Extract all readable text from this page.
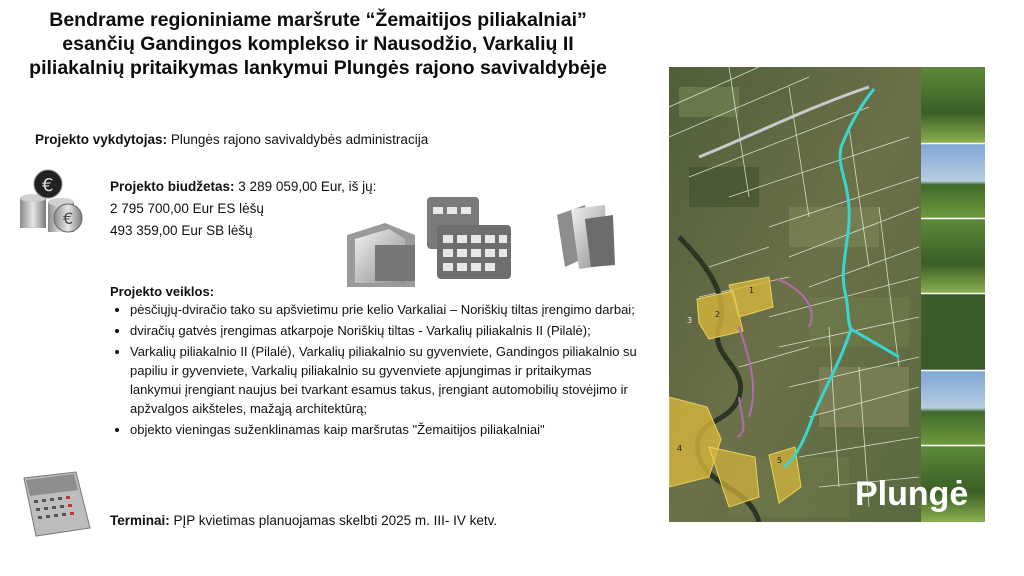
Bendrame regioniniame maršrute “Žemaitijos piliakalniai” esančių Gandingos komplekso ir Nausodžio, Varkalių II piliakalnių pritaikymas lankymui Plungės rajono savivaldybėje
Projekto vykdytojas: Plungės rajono savivaldybės administracija
€
€	Projekto biudžetas: 3 289 059,00 Eur, iš jų:
2 795 700,00 Eur ES lėšų
493 359,00 Eur SB lėšų
Projekto veiklos:
• pėsčiųjų-dviračio tako su apšvietimu prie kelio Varkaliai – Noriškių tiltas įrengimo darbai;
• dviračių gatvės įrengimas atkarpoje Noriškių tiltas - Varkalių piliakalnis II (Pilalė);
• Varkalių piliakalnio II (Pilalė), Varkalių piliakalnio su gyvenviete, Gandingos piliakalnio su papiliu ir gyvenviete, Varkalių piliakalnio su gyvenviete apjungimas ir pritaikymas lankymui įrengiant naujus bei tvarkant esamus takus, įrengiant automobilių stovėjimo ir apžvalgos aikšteles, mažąją architektūrą;
• objekto vieningas suženklinamas kaip maršrutas "Žemaitijos piliakalniai"
Terminai: PĮP kvietimas planuojamas skelbti 2025 m. III- IV ketv.
1
2
3
4
5
Plungė
